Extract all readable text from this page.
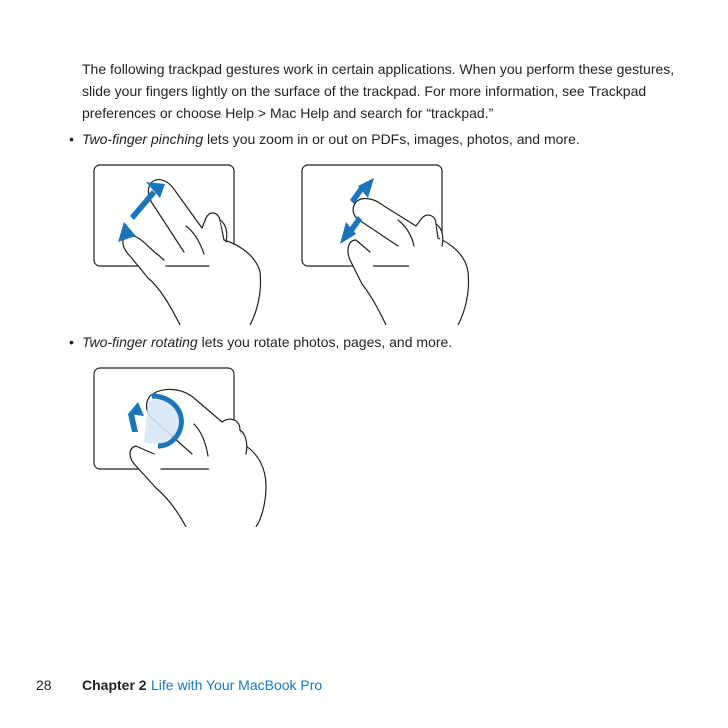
The following trackpad gestures work in certain applications. When you perform these gestures, slide your fingers lightly on the surface of the trackpad. For more information, see Trackpad preferences or choose Help > Mac Help and search for “trackpad.”

• Two-finger pinching lets you zoom in or out on PDFs, images, photos, and more.

• Two-finger rotating lets you rotate photos, pages, and more.

28 Chapter 2 Life with Your MacBook Pro
